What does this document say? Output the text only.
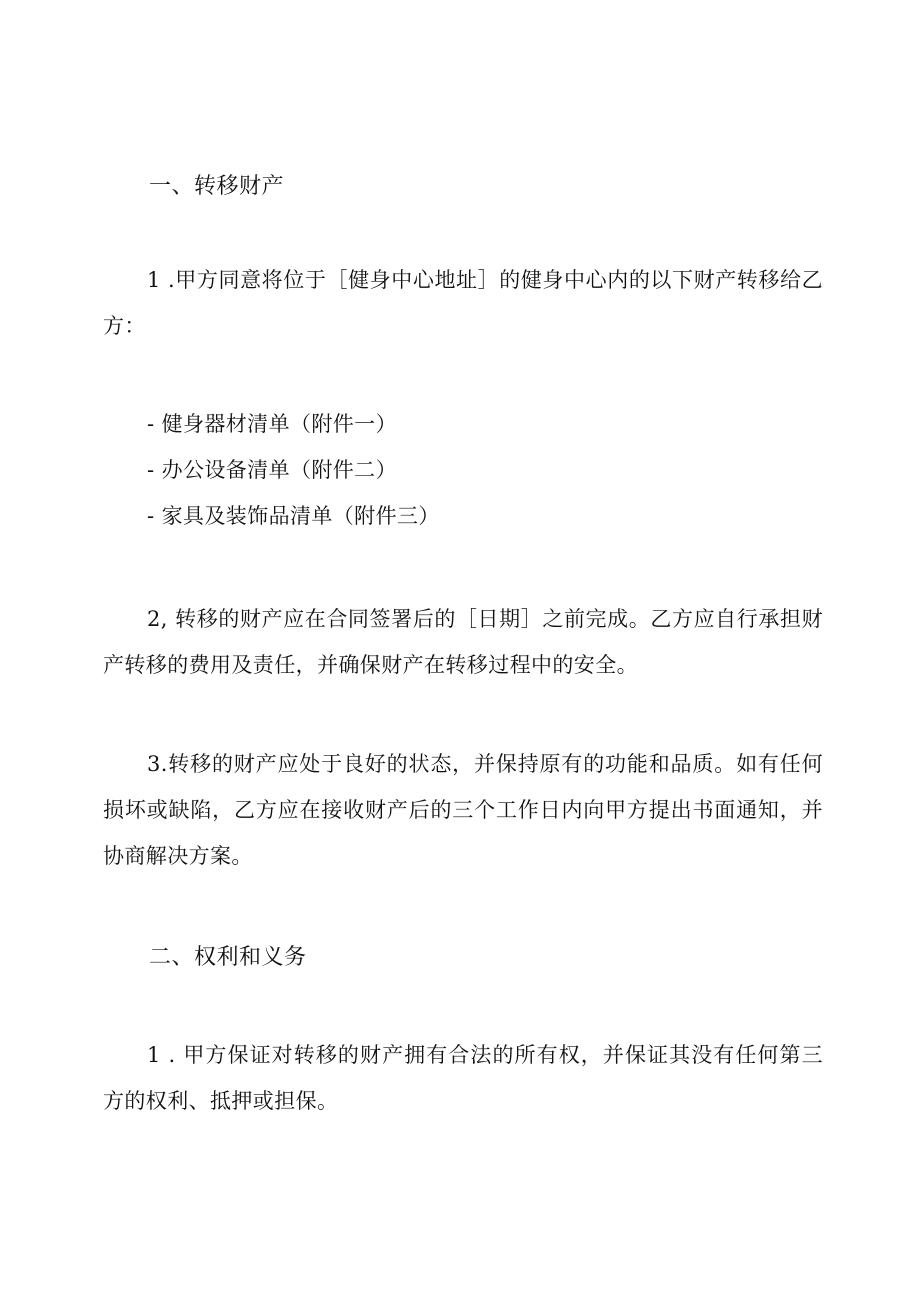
一、转移财产

1 .甲方同意将位于［健身中心地址］的健身中心内的以下财产转移给乙方：

- 健身器材清单（附件一）
- 办公设备清单（附件二）
- 家具及装饰品清单（附件三）

2, 转移的财产应在合同签署后的［日期］之前完成。乙方应自行承担财产转移的费用及责任，并确保财产在转移过程中的安全。

3.转移的财产应处于良好的状态，并保持原有的功能和品质。如有任何损坏或缺陷，乙方应在接收财产后的三个工作日内向甲方提出书面通知，并协商解决方案。

二、权利和义务

1 . 甲方保证对转移的财产拥有合法的所有权，并保证其没有任何第三方的权利、抵押或担保。
